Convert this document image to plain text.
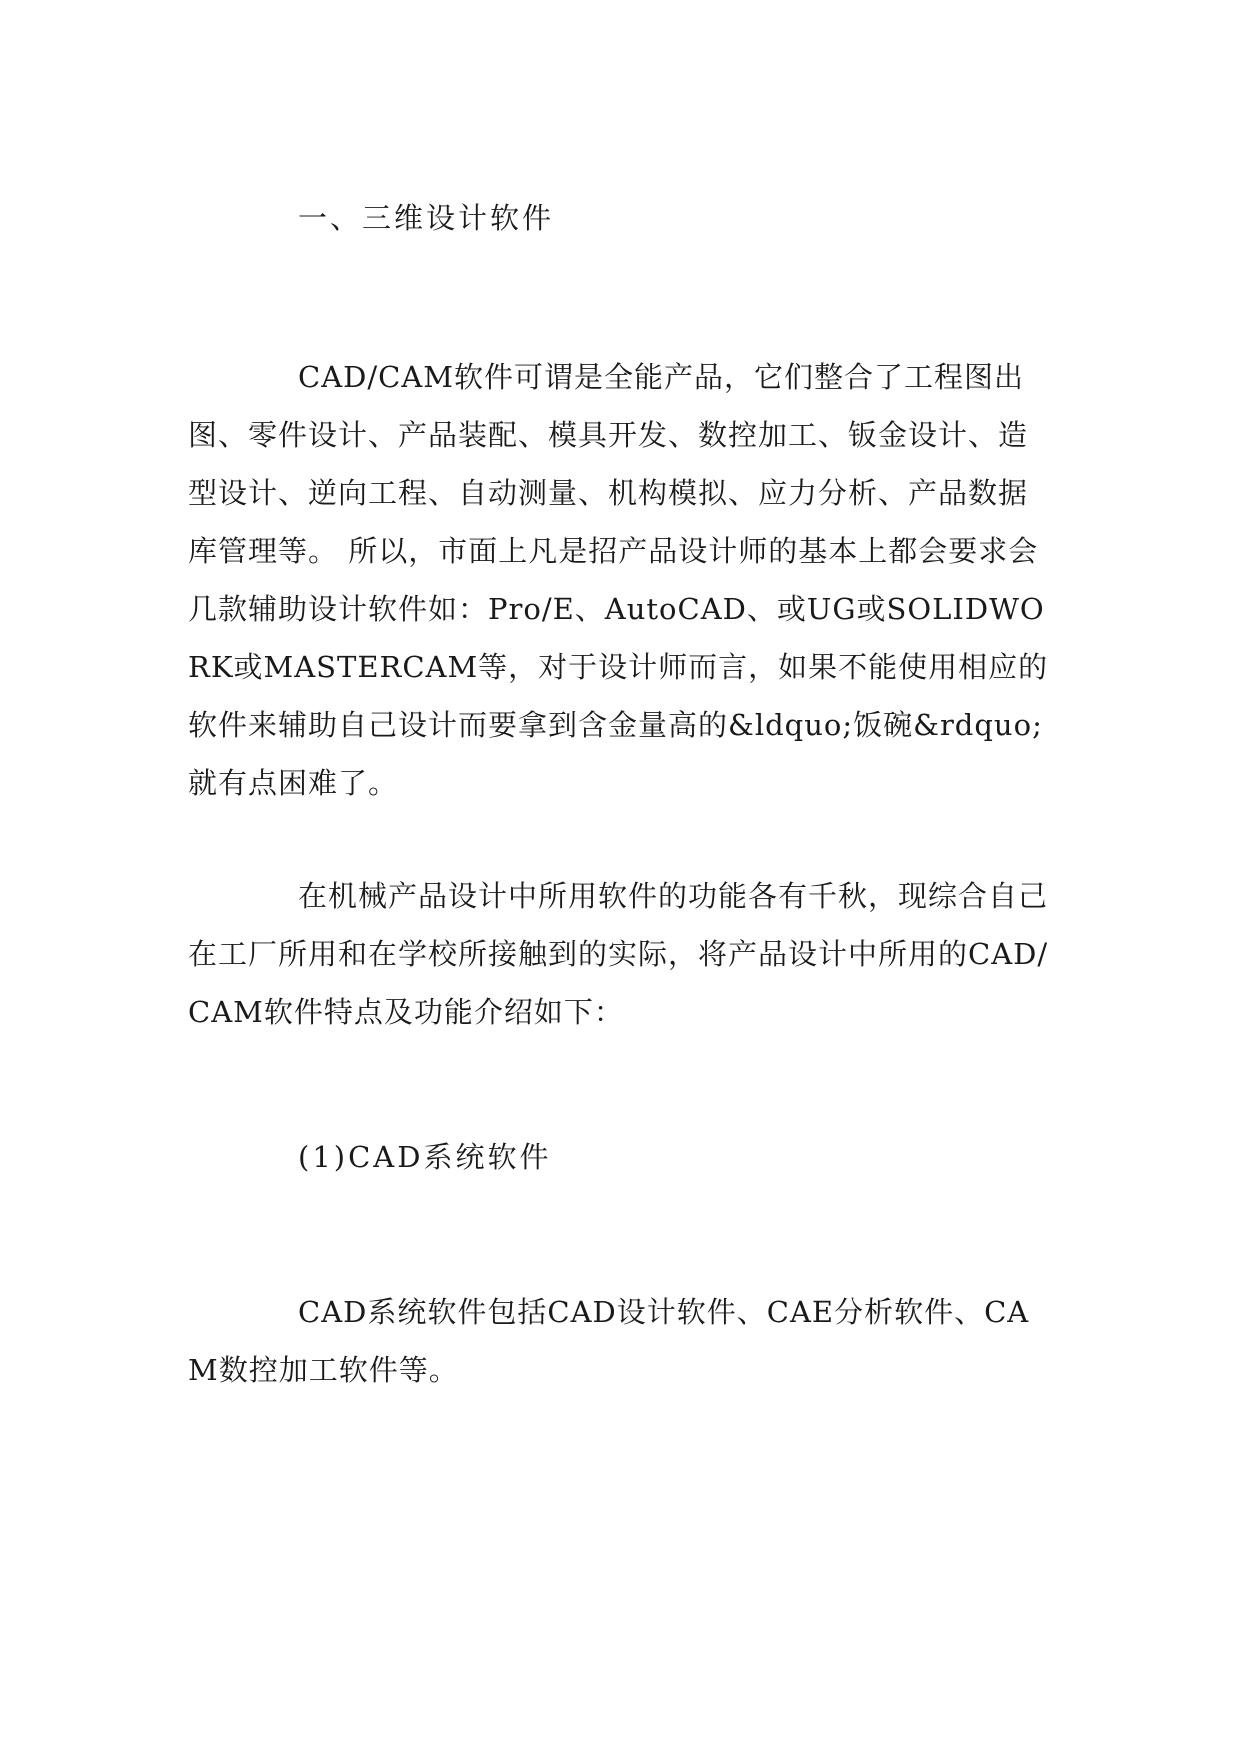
一、三维设计软件

CAD/CAM软件可谓是全能产品，它们整合了工程图出图、零件设计、产品装配、模具开发、数控加工、钣金设计、造型设计、逆向工程、自动测量、机构模拟、应力分析、产品数据库管理等。 所以，市面上凡是招产品设计师的基本上都会要求会几款辅助设计软件如：Pro/E、AutoCAD、或UG或SOLIDWORK或MASTERCAM等，对于设计师而言，如果不能使用相应的软件来辅助自己设计而要拿到含金量高的&ldquo;饭碗&rdquo;就有点困难了。

在机械产品设计中所用软件的功能各有千秋，现综合自己在工厂所用和在学校所接触到的实际，将产品设计中所用的CAD/CAM软件特点及功能介绍如下：

(1)CAD系统软件

CAD系统软件包括CAD设计软件、CAE分析软件、CAM数控加工软件等。
